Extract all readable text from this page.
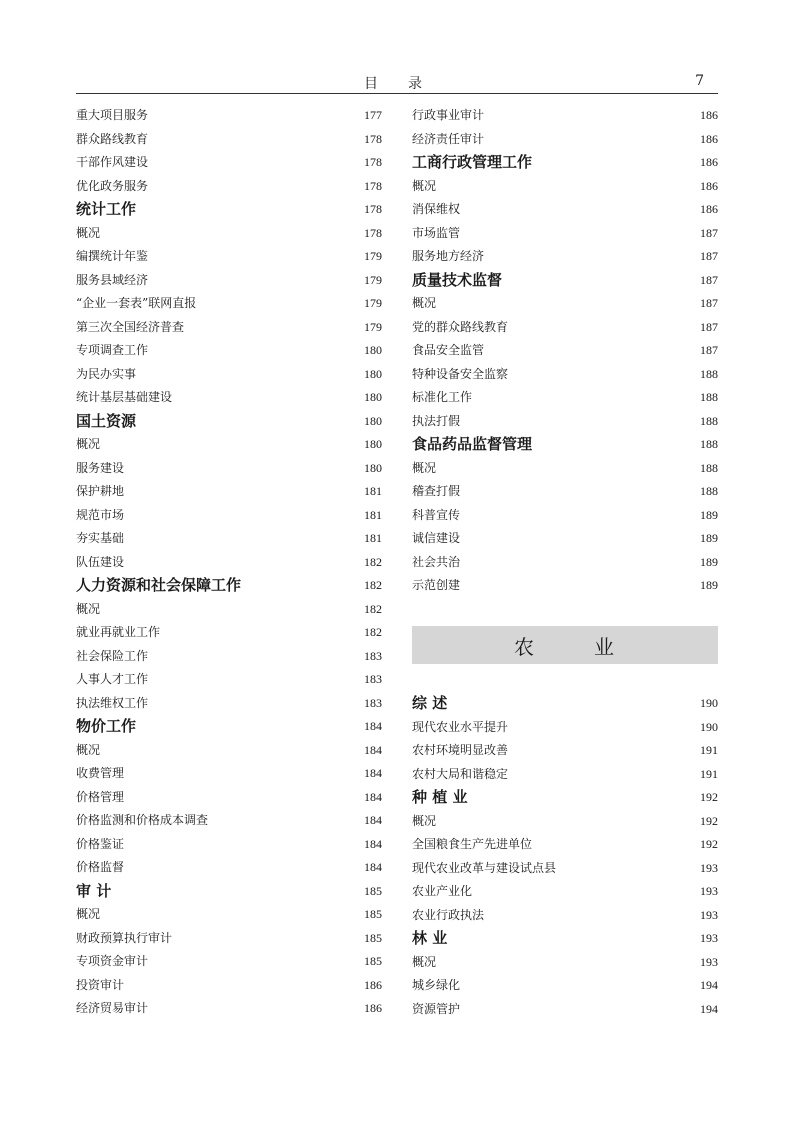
目录	7
重大项目服务	177
群众路线教育	178
干部作风建设	178
优化政务服务	178
统计工作	178
概况	178
编撰统计年鉴	179
服务县域经济	179
“企业一套表”联网直报	179
第三次全国经济普查	179
专项调查工作	180
为民办实事	180
统计基层基础建设	180
国土资源	180
概况	180
服务建设	180
保护耕地	181
规范市场	181
夯实基础	181
队伍建设	182
人力资源和社会保障工作	182
概况	182
就业再就业工作	182
社会保险工作	183
人事人才工作	183
执法维权工作	183
物价工作	184
概况	184
收费管理	184
价格管理	184
价格监测和价格成本调查	184
价格鉴证	184
价格监督	184
审 计	185
概况	185
财政预算执行审计	185
专项资金审计	185
投资审计	186
经济贸易审计	186
行政事业审计	186
经济责任审计	186
工商行政管理工作	186
概况	186
消保维权	186
市场监管	187
服务地方经济	187
质量技术监督	187
概况	187
党的群众路线教育	187
食品安全监管	187
特种设备安全监察	188
标准化工作	188
执法打假	188
食品药品监督管理	188
概况	188
稽查打假	188
科普宣传	189
诚信建设	189
社会共治	189
示范创建	189
农	业
综 述	190
现代农业水平提升	190
农村环境明显改善	191
农村大局和谐稳定	191
种 植 业	192
概况	192
全国粮食生产先进单位	192
现代农业改革与建设试点县	193
农业产业化	193
农业行政执法	193
林 业	193
概况	193
城乡绿化	194
资源管护	194
